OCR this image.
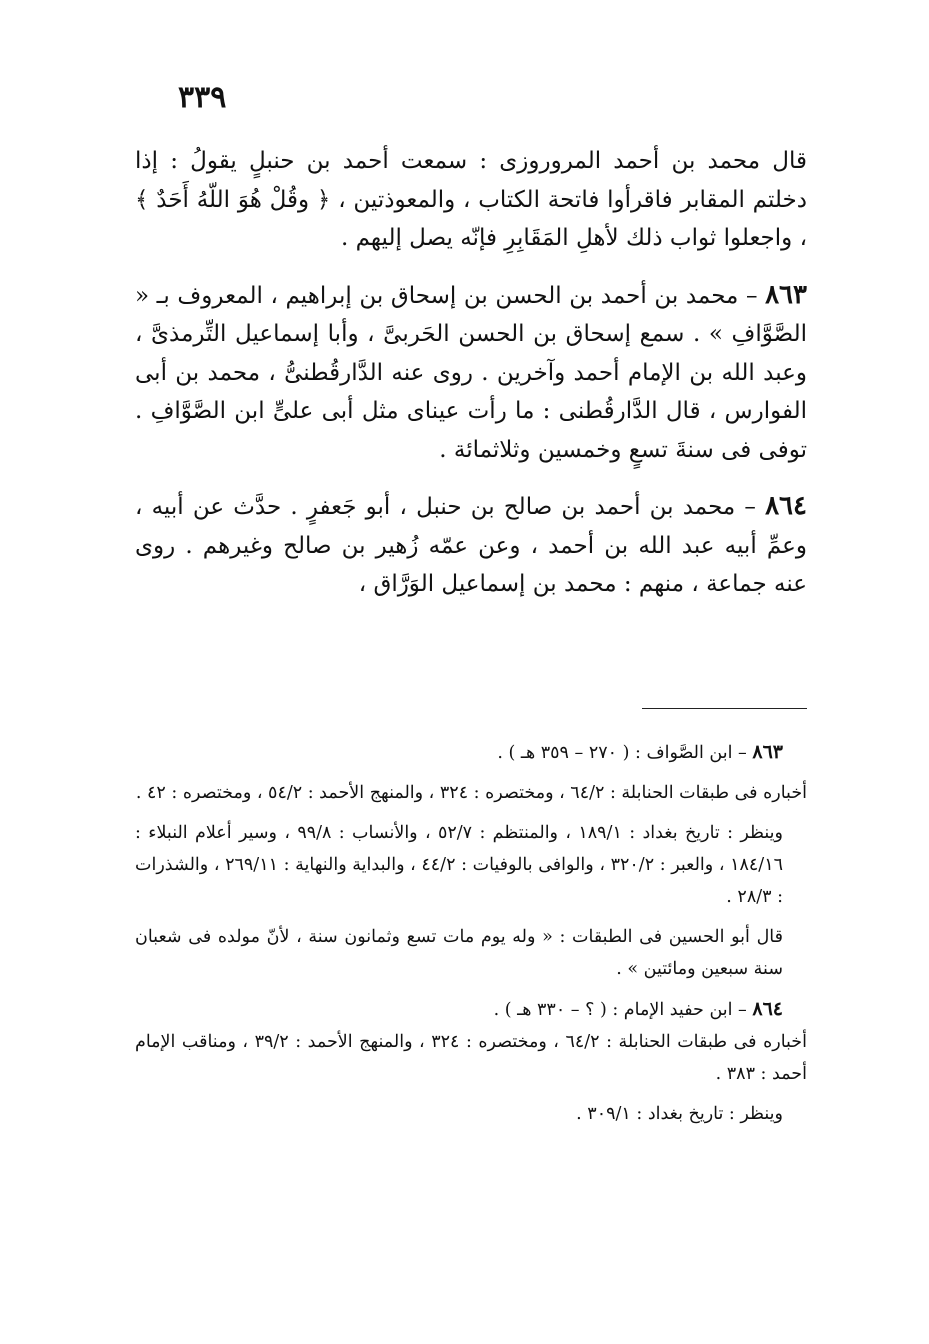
٣٣٩

قال محمد بن أحمد المروروزى : سمعت أحمد بن حنبلٍ يقولُ : إذا دخلتم المقابر فاقرأوا فاتحة الكتاب ، والمعوذتين ، ﴿ وقُلْ هُوَ اللّهُ أَحَدٌ ﴾ ، واجعلوا ثواب ذلك لأهلِ المَقَابِرِ فإنّه يصل إليهم .

٨٦٣ – محمد بن أحمد بن الحسن بن إسحاق بن إبراهيم ، المعروف بـ « الصَّوَّافِ » . سمع إسحاق بن الحسن الحَربىَّ ، وأبا إسماعيل التِّرمذىَّ ، وعبد الله بن الإمام أحمد وآخرين . روى عنه الدَّارقُطنىُّ ، محمد بن أبى الفوارس ، قال الدَّارقُطنى : ما رأت عيناى مثل أبى علىٍّ ابن الصَّوَّافِ . توفى فى سنةَ تسعٍ وخمسين وثلاثمائة .

٨٦٤ – محمد بن أحمد بن صالح بن حنبل ، أبو جَعفرٍ . حدَّث عن أبيه ، وعمِّ أبيه عبد الله بن أحمد ، وعن عمّه زُهير بن صالح وغيرهم . روى عنه جماعة ، منهم : محمد بن إسماعيل الوَرَّاق ،

٨٦٣ – ابن الصَّواف : ( ٢٧٠ – ٣٥٩ هـ ) .

أخباره فى طبقات الحنابلة : ٦٤/٢ ، ومختصره : ٣٢٤ ، والمنهج الأحمد : ٥٤/٢ ، ومختصره : ٤٢ .

وينظر : تاريخ بغداد : ١٨٩/١ ، والمنتظم : ٥٢/٧ ، والأنساب : ٩٩/٨ ، وسير أعلام النبلاء : ١٨٤/١٦ ، والعبر : ٣٢٠/٢ ، والوافى بالوفيات : ٤٤/٢ ، والبداية والنهاية : ٢٦٩/١١ ، والشذرات : ٢٨/٣ .

قال أبو الحسين فى الطبقات : « وله يوم مات تسع وثمانون سنة ، لأنّ مولده فى شعبان سنة سبعين ومائتين » .

٨٦٤ – ابن حفيد الإمام : ( ؟ – ٣٣٠ هـ ) .

أخباره فى طبقات الحنابلة : ٦٤/٢ ، ومختصره : ٣٢٤ ، والمنهج الأحمد : ٣٩/٢ ، ومناقب الإمام أحمد : ٣٨٣ .

وينظر : تاريخ بغداد : ٣٠٩/١ .
